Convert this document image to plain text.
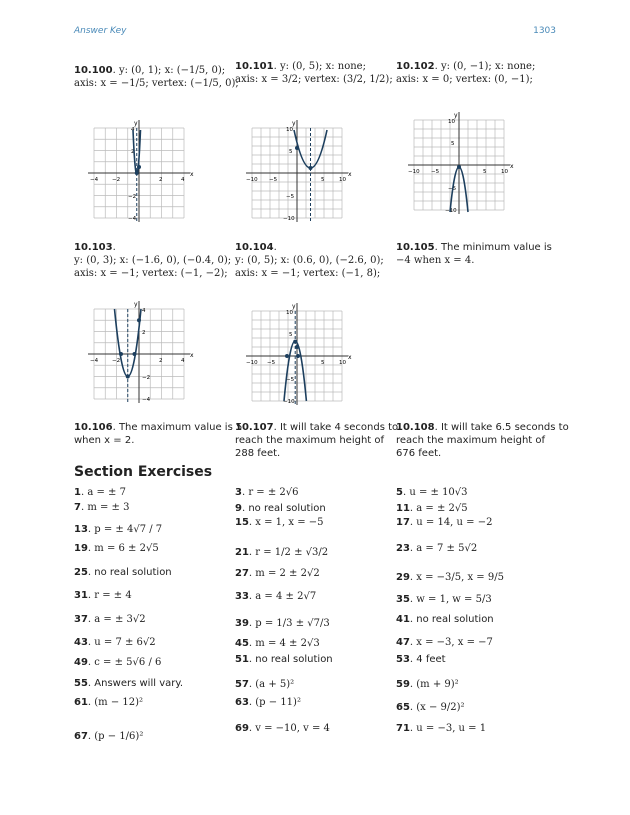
Answer Key	1303
10.100. y: (0, 1); x: (−1/5, 0);
axis: x = −1/5; vertex: (−1/5, 0);
10.101. y: (0, 5); x: none;
axis: x = 3/2; vertex: (3/2, 1/2);
10.102. y: (0, −1); x: none;
axis: x = 0; vertex: (0, −1);
x
y
−4	−2	2	4
4
2
−2
−4
x
y
−10 −5	5	10
10
5
−5
−10
x
y
−10 −5	5	10
10
5
−5
−10
10.103.
y: (0, 3); x: (−1.6, 0), (−0.4, 0);
axis: x = −1; vertex: (−1, −2);
10.104.
y: (0, 5); x: (0.6, 0), (−2.6, 0);
axis: x = −1; vertex: (−1, 8);
10.105. The minimum value is
−4 when x = 4.
x
y
−4	−2	2	4
4
2
−2
−4
x
y
−10 −5	5	10
10
5
−5
−10
10.106. The maximum value is 5
when x = 2.
10.107. It will take 4 seconds to
reach the maximum height of
288 feet.
10.108. It will take 6.5 seconds to
reach the maximum height of
676 feet.
Section Exercises
1. a = ± 7	3. r = ± 2√6	5. u = ± 10√3
7. m = ± 3	9. no real solution	11. a = ± 2√5
13. p = ± 4√7 / 7
15. x = 1, x = −5	17. u = 14, u = −2
19. m = 6 ± 2√5	21. r = 1/2 ± √3/2	23. a = 7 ± 5√2
25. no real solution	27. m = 2 ± 2√2	29. x = −3/5, x = 9/5
31. r = ± 4	33. a = 4 ± 2√7	35. w = 1, w = 5/3
37. a = ± 3√2	39. p = 1/3 ± √7/3	41. no real solution
43. u = 7 ± 6√2	45. m = 4 ± 2√3	47. x = −3, x = −7
49. c = ± 5√6 / 6	51. no real solution	53. 4 feet
55. Answers will vary.	57. (a + 5)²	59. (m + 9)²
61. (m − 12)²	63. (p − 11)²	65. (x − 9/2)²
67. (p − 1/6)²
69. v = −10, v = 4	71. u = −3, u = 1
